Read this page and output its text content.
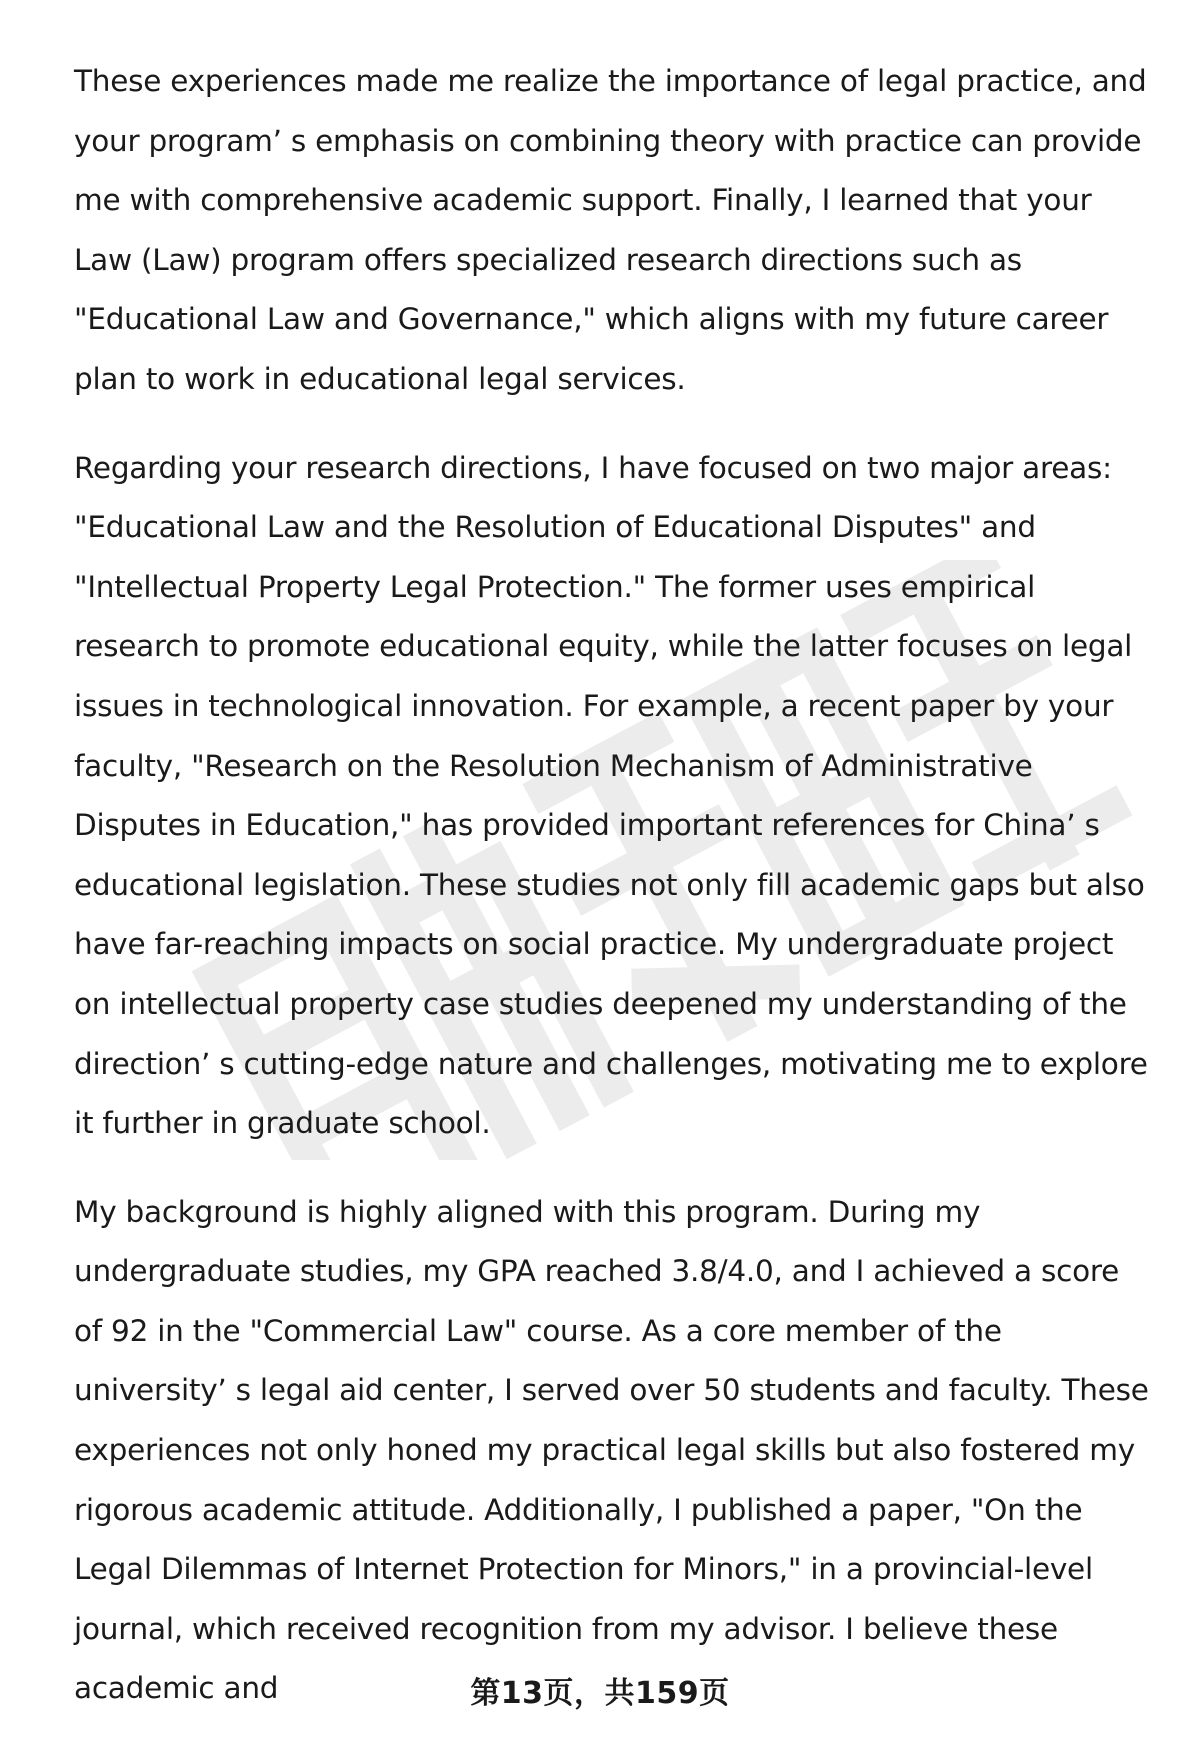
These experiences made me realize the importance of legal practice, and your program’ s emphasis on combining theory with practice can provide me with comprehensive academic support. Finally, I learned that your Law (Law) program offers specialized research directions such as "Educational Law and Governance," which aligns with my future career plan to work in educational legal services.

Regarding your research directions, I have focused on two major areas: "Educational Law and the Resolution of Educational Disputes" and "Intellectual Property Legal Protection." The former uses empirical research to promote educational equity, while the latter focuses on legal issues in technological innovation. For example, a recent paper by your faculty, "Research on the Resolution Mechanism of Administrative Disputes in Education," has provided important references for China’ s educational legislation. These studies not only fill academic gaps but also have far-reaching impacts on social practice. My undergraduate project on intellectual property case studies deepened my understanding of the direction’ s cutting-edge nature and challenges, motivating me to explore it further in graduate school.

My background is highly aligned with this program. During my undergraduate studies, my GPA reached 3.8/4.0, and I achieved a score of 92 in the "Commercial Law" course. As a core member of the university’ s legal aid center, I served over 50 students and faculty. These experiences not only honed my practical legal skills but also fostered my rigorous academic attitude. Additionally, I published a paper, "On the Legal Dilemmas of Internet Protection for Minors," in a provincial-level journal, which received recognition from my advisor. I believe these academic and	第13页，共159页
